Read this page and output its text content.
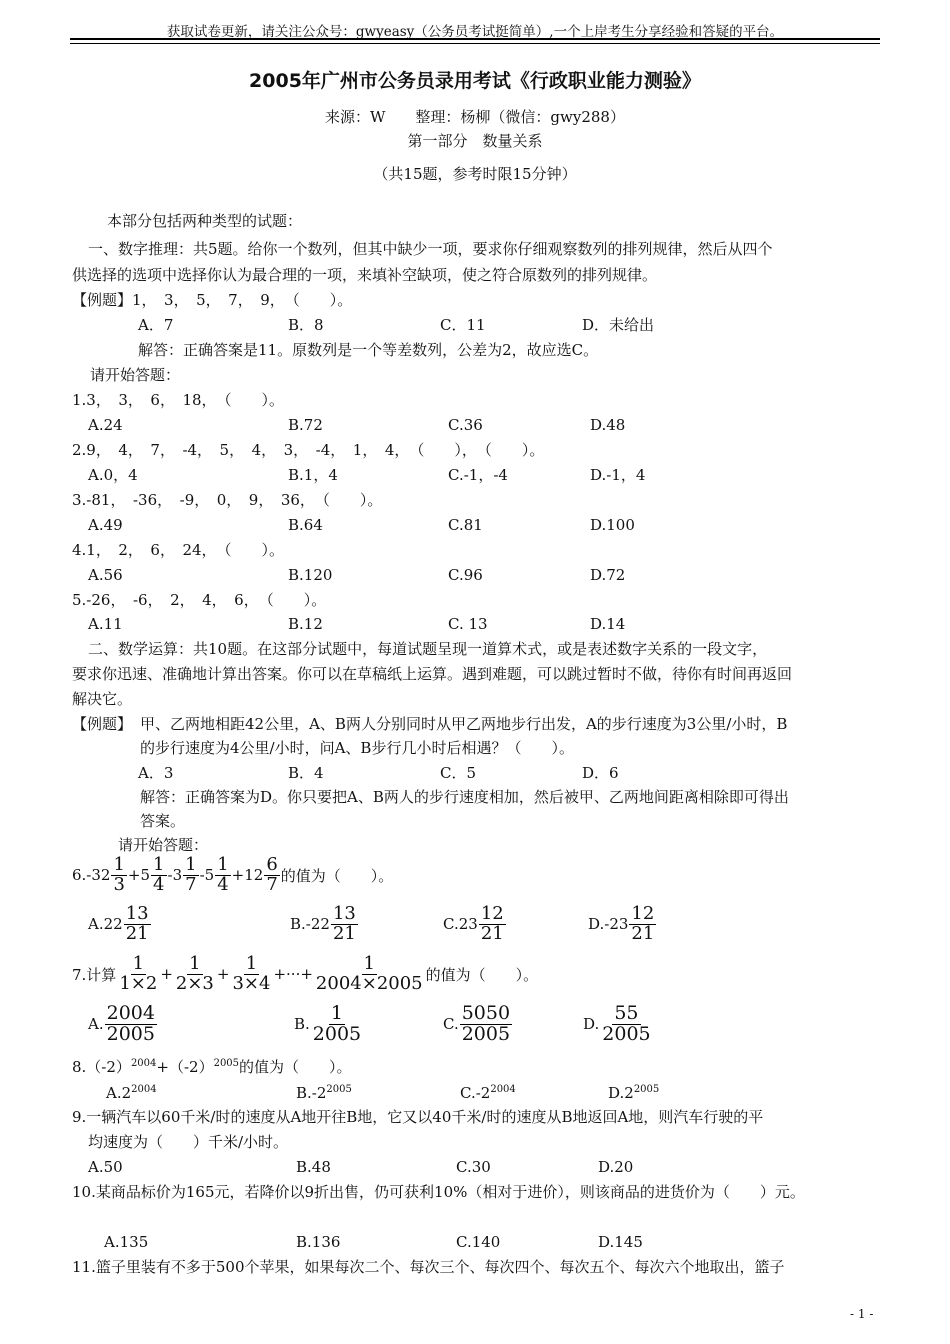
获取试卷更新，请关注公众号：gwyeasy（公务员考试挺简单）,一个上岸考生分享经验和答疑的平台。
2005年广州市公务员录用考试《行政职业能力测验》
来源：W　　整理：杨柳（微信：gwy288）
第一部分　数量关系
（共15题，参考时限15分钟）
本部分包括两种类型的试题：
一、数字推理：共5题。给你一个数列，但其中缺少一项，要求你仔细观察数列的排列规律，然后从四个
供选择的选项中选择你认为最合理的一项，来填补空缺项，使之符合原数列的排列规律。
【例题】1，　3，　5，　7，　9，　（　　）。
A．7	B．8	C．11	D．未给出
解答：正确答案是11。原数列是一个等差数列，公差为2，故应选C。
请开始答题：
1.3，　3，　6，　18，　（　　）。
A.24	B.72	C.36	D.48
2.9，　4，　7，　-4，　5，　4，　3，　-4，　1，　4，　（　　），　（　　）。
A.0，4	B.1，4	C.-1，-4	D.-1，4
3.-81，　-36，　-9，　0，　9，　36，　（　　）。
A.49	B.64	C.81	D.100
4.1，　2，　6，　24，　（　　）。
A.56	B.120	C.96	D.72
5.-26，　-6，　2，　4，　6，　（　　）。
A.11	B.12	C. 13	D.14
二、数学运算：共10题。在这部分试题中，每道试题呈现一道算术式，或是表述数字关系的一段文字，
要求你迅速、准确地计算出答案。你可以在草稿纸上运算。遇到难题，可以跳过暂时不做，待你有时间再返回
解决它。
【例题】 甲、乙两地相距42公里，A、B两人分别同时从甲乙两地步行出发，A的步行速度为3公里/小时，B
的步行速度为4公里/小时，问A、B步行几小时后相遇？（　　）。
A．3	B．4	C．5	D．6
解答：正确答案为D。你只要把A、B两人的步行速度相加，然后被甲、乙两地间距离相除即可得出
答案。
请开始答题：
$6.-32 \frac{1}{3} +5 \frac{1}{4} -3 \frac{1}{7} -5 \frac{1}{4} +12 \frac{6}{7}$ 的值为（　　）。
$A.22 \frac{13}{21}$	$B.-22 \frac{13}{21}$	$C.23 \frac{12}{21}$	$D.-23 \frac{12}{21}$
7.计算 $\frac{1}{1\times 2} + \frac{1}{2\times 3} + \frac{1}{3\times 4}$ +···+ $\frac{1}{2004\times 2005}$ 的值为（　　）。
A. $\frac{2004}{2005}$	B. $\frac{1}{2005}$	C. $\frac{5050}{2005}$	D. $\frac{55}{2005}$
$8.(-2)^{2004}+(-2)^{2005}$的值为（　　）。
$A.2^{2004}$	$B.-2^{2005}$	$C.-2^{2004}$	$D.2^{2005}$
9.一辆汽车以60千米/时的速度从A地开往B地，它又以40千米/时的速度从B地返回A地，则汽车行驶的平
均速度为（　　）千米/小时。
A.50	B.48	C.30	D.20
10.某商品标价为165元，若降价以9折出售，仍可获利10%（相对于进价），则该商品的进货价为（　　）元。
A.135	B.136	C.140	D.145
11.篮子里装有不多于500个苹果，如果每次二个、每次三个、每次四个、每次五个、每次六个地取出，篮子
- 1 -
